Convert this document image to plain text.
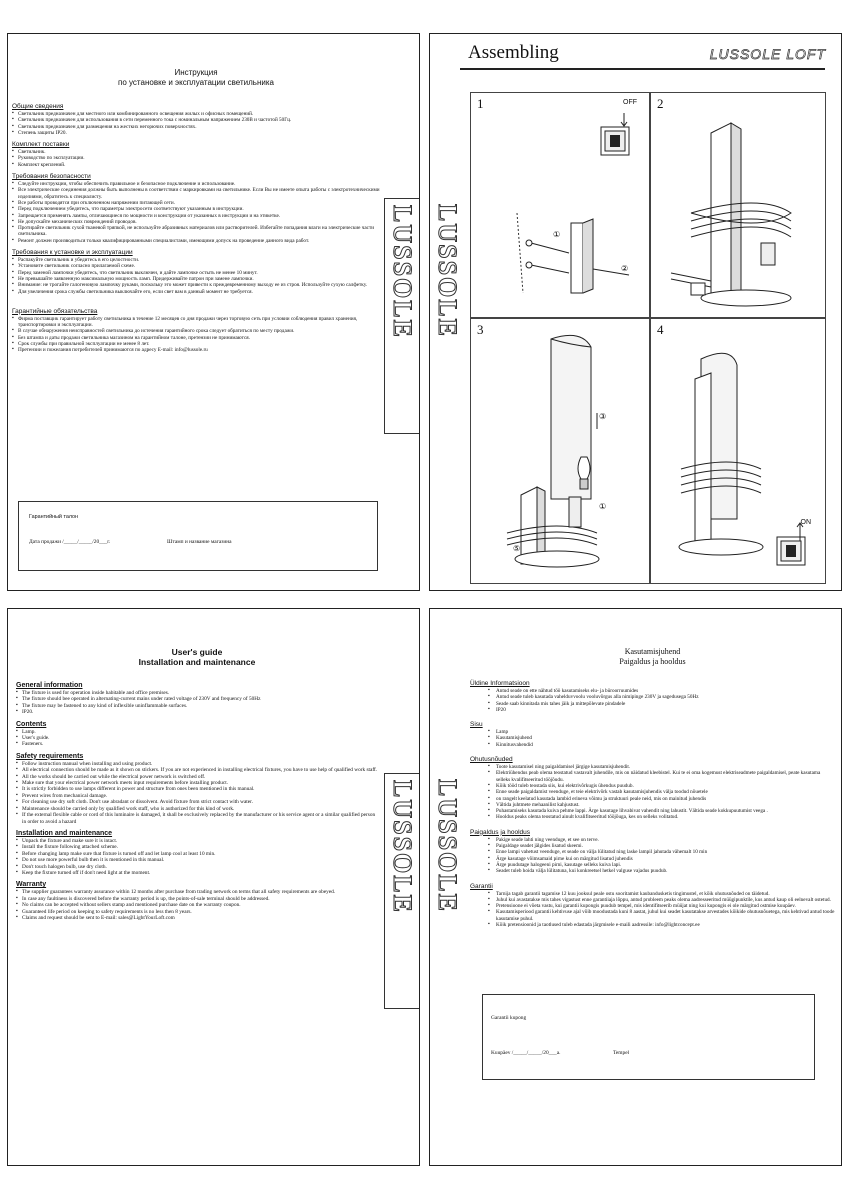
Инструкция
по установке и эксплуатации светильника
Общие сведения
▪ Светильник предназначен для местного или комбинированного освещения жилых и офисных помещений.
▪ Светильник предназначен для использования в сети переменного тока с номинальным напряжением 230В и частотой 50Гц.
▪ Светильник предназначен для размещения на жестких негорючих поверхностях.
▪ Степень защиты IP20.
Комплект поставки
▪ Светильник.
▪ Руководство по эксплуатации.
▪ Комплект креплений.
Требования безопасности
▪ Следуйте инструкции, чтобы обеспечить правильное и безопасное подключение и использование.
▪ Все электрические соединения должны быть выполнены в соответствии с маркировками на светильнике. Если Вы не имеете опыта работы с электротехническими изделиями, обратитесь к специалисту.
▪ Все работы проводятся при отключенном напряжении питающей сети.
▪ Перед подключением убедитесь, что параметры электросети соответствуют указанным в инструкции.
▪ Запрещается применять лампы, отличающиеся по мощности и конструкции от указанных в инструкции и на этикетке.
▪ Не допускайте механических повреждений проводов.
▪ Протирайте светильник сухой тканевой тряпкой, не используйте абразивных материалов или растворителей. Избегайте попадания влаги на электрические части светильника.
▪ Ремонт должен производиться только квалифицированными специалистами, имеющими допуск на проведение данного вида работ.
Требования к установке и эксплуатации
▪ Распакуйте светильник и убедитесь в его целостности.
▪ Установите светильник согласно прилагаемой схеме.
▪ Перед заменой лампочки убедитесь, что светильник выключен, и дайте лампочке остыть не менее 10 минут.
▪ Не превышайте заявленную максимальную мощность ламп. Придерживайте патрон при замене лампочки.
▪ Внимание: не трогайте галогеновую лампочку руками, поскольку это может привести к преждевременному выходу ее из строя. Используйте сухую салфетку.
▪ Для увеличения срока службы светильника выключайте его, если свет вам в данный момент не требуется.
Гарантийные обязательства
▪ Фирма поставщик гарантирует работу светильника в течение 12 месяцев со дня продажи через торговую сеть при условии соблюдения правил хранения, транспортировки и эксплуатации.
▪ В случае обнаружения неисправностей светильника до истечения гарантийного срока следует обратиться по месту продажи.
▪ Без штампа и даты продажи светильника магазином на гарантийном талоне, претензии не принимаются.
▪ Срок службы при правильной эксплуатации не менее 8 лет.
▪ Претензии и пожелания потребителей принимаются по адресу E-mail: info@lussole.ru
Гарантийный талон
Дата продажи /_____/_____/20___г.	Штамп и название магазина
LUSSOLE
Assembling	LUSSOLE LOFT
LUSSOLE
1	OFF
①
②
2
3
③
①
⑤
4
ON
User's guide
Installation and maintenance
General information
▪ The fixture is used for operation inside habitable and office premises.
▪ The fixture should bee operated in alternating-current mains under rated voltage of 230V and frequency of 50Hz
▪ The fixture may be fastened to any kind of inflexible uninflammable surfaces.
▪ IP20.
Contents
▪ Lamp.
▪ User's guide.
▪ Fasteners.
Safety requirements
▪ Follow instruction manual when installing and using product.
▪ All electrical connection should be made as it shown on stickers. If you are not experienced in installing electrical fixtures, you have to use help of qualified work staff.
▪ All the works should be carried out while the electrical power network is switched off.
▪ Make sure that your electrical power network meets input requirements before installing product.
▪ It is strictly forbidden to use lamps different in power and structure from ones been mentioned in this manual.
▪ Prevent wires from mechanical damage.
▪ For cleaning use dry soft cloth. Don't use abradant or dissolvent. Avoid fixture from strict contact with water.
▪ Maintenance should be carried only by qualified work staff, who is authorized for this kind of work.
▪ If the external flexible cable or cord of this luminaire is damaged, it shall be exclusively replaced by the manufacturer or his service agent or a similar qualified person in order to avoid a hazard
Installation and maintenance
▪ Unpack the fixture and make sure it is intact.
▪ Install the fixture following attached scheme.
▪ Before changing lamp make sure that fixture is turned off and let lamp cool at least 10 min.
▪ Do not use more powerful bulb then it is mentioned in this manual.
▪ Don't touch halogen bulb, use dry cloth.
▪ Keep the fixture turned off if don't need light at the moment.
Warranty
▪ The supplier guarantees warranty assurance within 12 months after purchase from trading network on terms that all safety requirements are obeyed.
▪ In case any faultiness is discovered before the warranty period is up, the points-of-sale terminal should be addressed.
▪ No claims can be accepted without sellers stamp and mentioned purchase date on the warranty coupon.
▪ Guaranteed life period on keeping to safety requirements is no less then 8 years.
▪ Claims and request should be sent to E-mail: sales@LightYourLoft.com
LUSSOLE LUSSOLE
Kasutamisjuhend
Paigaldus ja hooldus
Üldine Informatsioon
▪ Antud seade on ette nähtud töö kasutamiseks elu- ja büroorruumides
▪ Antud seade tuleb kasutada vahelduvvoolu vooluvõrgus alla nimipinge 230V ja sagedusega 50Hz
▪ Seade saab kinnitada mis tahes jäik ja mittepõlevate pindadele
▪ IP20
Sisu
▪ Lamp
▪ Kasutamisjuhend
▪ Kinnitusvahendid
Ohutusnõuded
▪ Toote kasutamisel ning paigaldamisel järgige kasutamisjuhendit.
▪ Elektriühendus peab olema teostatud vastavalt juhendile, mis on näidatud kleebistel. Kui te ei oma kogemust elektriseadmete paigaldamisel, peate kasutama selleks kvalifitseeritud tööjõudu.
▪ Kõik tööd tuleb teostada siis, kui elektrivõrkugis ühendus puudub.
▪ Enne seade paigaldamist veenduge, et teie elektrivõrk vastab kasutamisjuhendis välja toodud nõuetele
▪ on rangelt keelatud kasutada lambid erineva võimu ja struktuuri peale neid, mis on mainitud juhendis
▪ Vältida juhtmete mehaanilist kahjustust.
▪ Puhastamiseks kasutada kuiva pehme lappi. Ärge kasutage lihvabivat vahendit ning lahustit. Vältida seade kokkupuutumist veega .
▪ Hooldus peaks olema teostatud ainult kvalifitseeritud tööjõuga, kes on selleks volitatud.
Paigaldus ja hooldus
▪ Pakige seade lahti ning veenduge, et see on terve.
▪ Paigaldage seadet jälgides lisatud skeemi.
▪ Enne lampi vahetust veenduge, et seade on välja lülitatud ning laske lampil jahutada vähemalt 10 min
▪ Ärge kasutage võimsamaid pirne kui on märgitud lisatud juhendis
▪ Ärge puudutage halogeeni pirni, kasutage selleks kuiva lapi.
▪ Seadet tuleb hoida välja lülitatuna, kui konkreetsel hetkel valguse vajadus puudub.
Garantii
▪ Tarnija tagab garantii tagamise 12 kuu jooksul peale ostu sooritamist kaubandusketis tingimustel, et kõik ohutusnõuded on täidetud.
▪ Juhul kui avastatakse mis tahes vigastust enne garantiiaja lõppu, antud probleem peaks olema aadresseeritud müügipunktile, kus antud kaup oli eelnevalt ostetud.
▪ Pretensioone ei võeta vastu, kui garantii kupongis puudub tempel, mis identifitseerib müüjat ning kui kupongis ei ole märgitud ostmise kuupäev.
▪ Kasutamisperiood garantii kehtivuse ajal võib moodustada kuni 8 aastat, juhul kui seadet kasutatakse arvestades kõikide ohutusnõuetega, mis kehtivad antud toode kasutamise puhul.
▪ Kõik pretensioonid ja taotlused tuleb edastada järgmisele e-maili aadressile: info@lightconcept.ee
Garantii kupong
Kuupäev /_____/_____/20___a.	Tempel
